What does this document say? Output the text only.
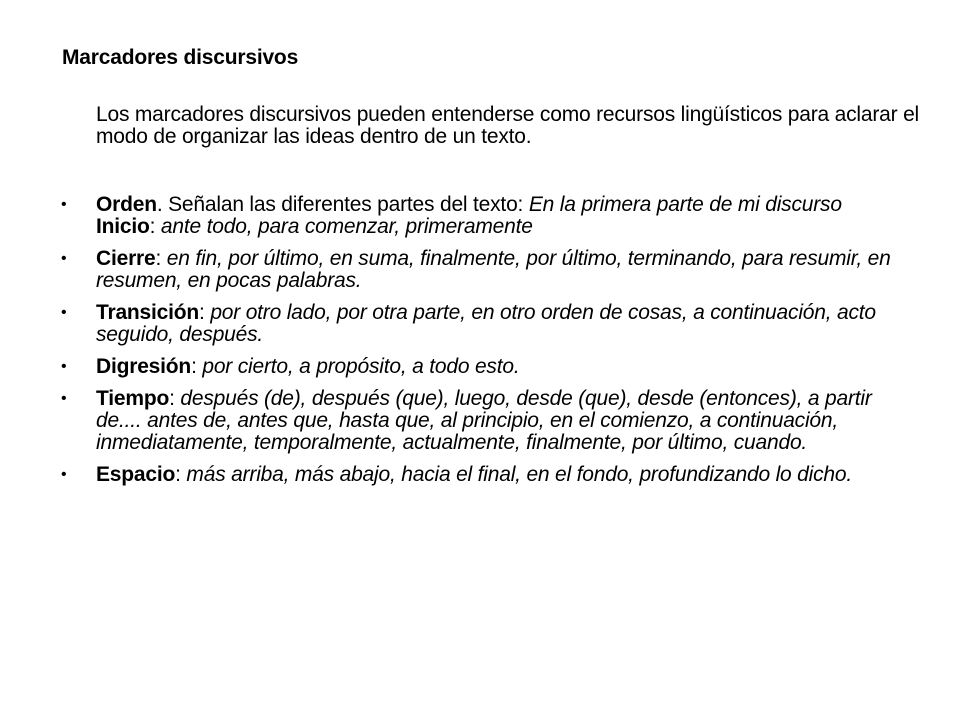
Marcadores discursivos
Los marcadores discursivos pueden entenderse como recursos lingüísticos para aclarar el modo de organizar las ideas dentro de un texto.
• Orden. Señalan las diferentes partes del texto: En la primera parte de mi discurso
Inicio: ante todo, para comenzar, primeramente
• Cierre: en fin, por último, en suma, finalmente, por último, terminando, para resumir, en resumen, en pocas palabras.
• Transición: por otro lado, por otra parte, en otro orden de cosas, a continuación, acto seguido, después.
• Digresión: por cierto, a propósito, a todo esto.
• Tiempo: después (de), después (que), luego, desde (que), desde (entonces), a partir de.... antes de, antes que, hasta que, al principio, en el comienzo, a continuación, inmediatamente, temporalmente, actualmente, finalmente, por último, cuando.
• Espacio: más arriba, más abajo, hacia el final, en el fondo, profundizando lo dicho.
